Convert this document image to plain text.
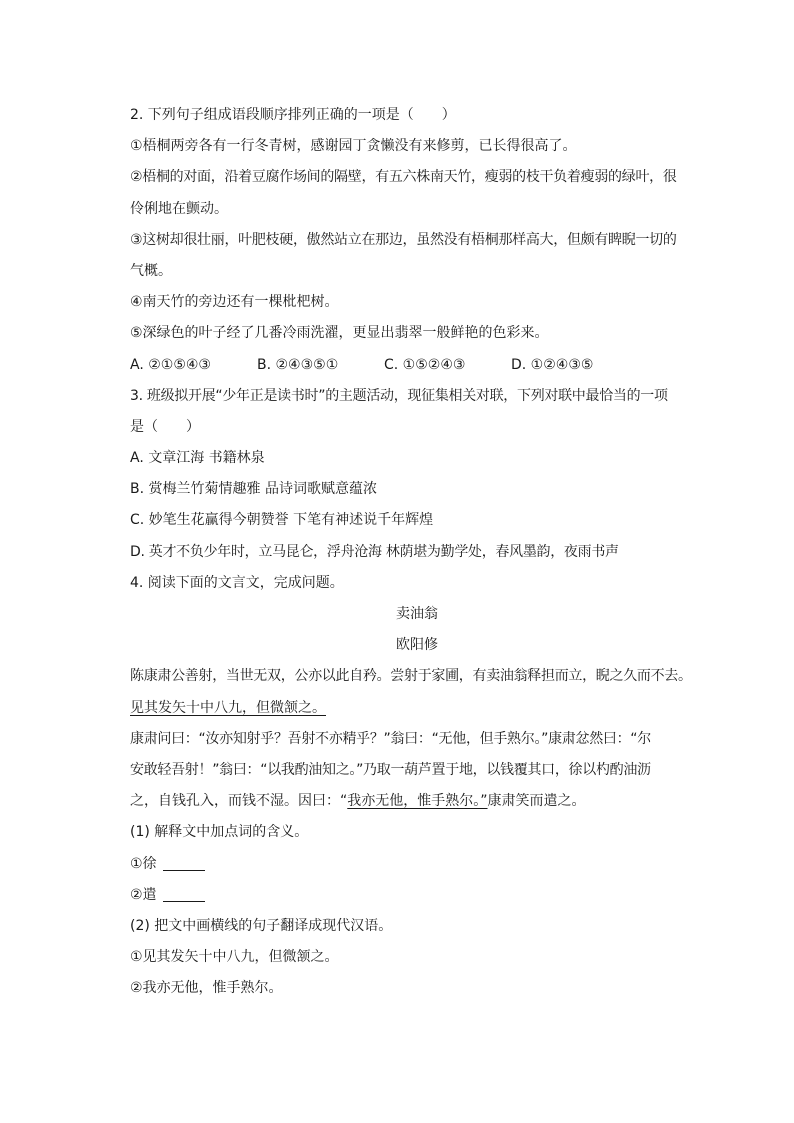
2. 下列句子组成语段顺序排列正确的一项是（　　）
①梧桐两旁各有一行冬青树，感谢园丁贪懒没有来修剪，已长得很高了。
②梧桐的对面，沿着豆腐作场间的隔壁，有五六株南天竹，瘦弱的枝干负着瘦弱的绿叶，很
伶俐地在颤动。
③这树却很壮丽，叶肥枝硬，傲然站立在那边，虽然没有梧桐那样高大，但颇有睥睨一切的
气概。
④南天竹的旁边还有一棵枇杷树。
⑤深绿色的叶子经了几番冷雨洗濯，更显出翡翠一般鲜艳的色彩来。
A. ②①⑤④③	B. ②④③⑤①	C. ①⑤②④③	D. ①②④③⑤
3. 班级拟开展“少年正是读书时”的主题活动，现征集相关对联，下列对联中最恰当的一项
是（　　）
A. 文章江海 书籍林泉
B. 赏梅兰竹菊情趣雅 品诗词歌赋意蕴浓
C. 妙笔生花赢得今朝赞誉 下笔有神述说千年辉煌
D. 英才不负少年时，立马昆仑，浮舟沧海 林荫堪为勤学处，春风墨韵，夜雨书声
4. 阅读下面的文言文，完成问题。
卖油翁
欧阳修
陈康肃公善射，当世无双，公亦以此自矜。尝射于家圃，有卖油翁释担而立，睨之久而不去。
见其发矢十中八九，但微颔之。
康肃问曰：“汝亦知射乎？吾射不亦精乎？”翁曰：“无他，但手熟尔。”康肃忿然曰：“尔
安敢轻吾射！”翁曰：“以我酌油知之。”乃取一葫芦置于地，以钱覆其口，徐以杓酌油沥
之，自钱孔入，而钱不湿。因曰：“我亦无他，惟手熟尔。”康肃笑而遣之。
(1) 解释文中加点词的含义。
①徐
②遣
(2) 把文中画横线的句子翻译成现代汉语。
①见其发矢十中八九，但微颔之。
②我亦无他，惟手熟尔。
